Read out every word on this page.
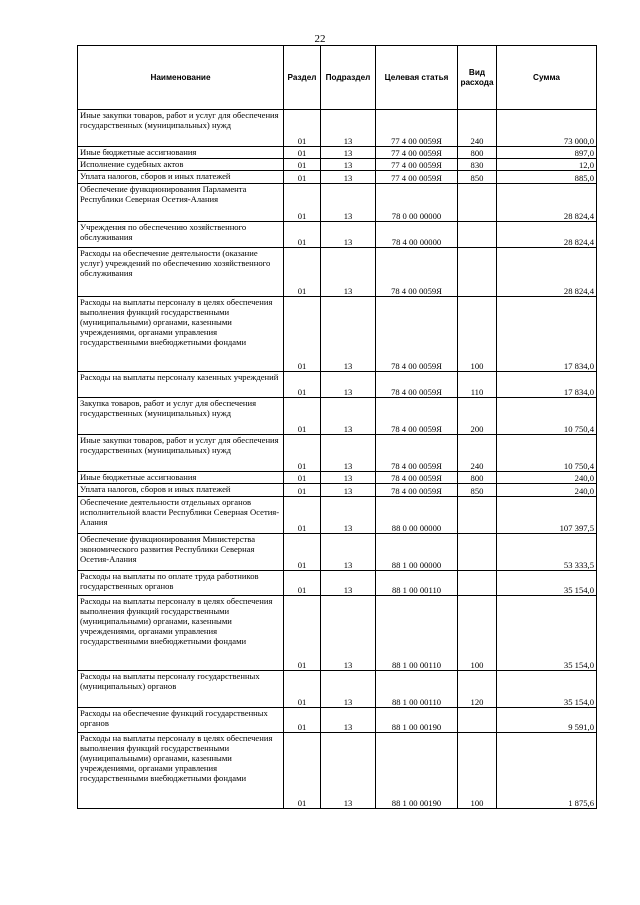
22
Наименование	Раздел	Подраздел	Целевая статья	Вид расхода	Сумма
Иные закупки товаров, работ и услуг для обеспечения государственных (муниципальных) нужд	01	13	77 4 00 0059Я	240	73 000,0
Иные бюджетные ассигнования	01	13	77 4 00 0059Я	800	897,0
Исполнение судебных актов	01	13	77 4 00 0059Я	830	12,0
Уплата налогов, сборов и иных платежей	01	13	77 4 00 0059Я	850	885,0
Обеспечение функционирования Парламента Республики Северная Осетия-Алания	01	13	78 0 00 00000		28 824,4
Учреждения по обеспечению хозяйственного обслуживания	01	13	78 4 00 00000		28 824,4
Расходы на обеспечение деятельности (оказание услуг) учреждений по обеспечению хозяйственного обслуживания	01	13	78 4 00 0059Я		28 824,4
Расходы на выплаты персоналу в целях обеспечения выполнения функций государственными (муниципальными) органами, казенными учреждениями, органами управления государственными внебюджетными фондами	01	13	78 4 00 0059Я	100	17 834,0
Расходы на выплаты персоналу казенных учреждений	01	13	78 4 00 0059Я	110	17 834,0
Закупка товаров, работ и услуг для обеспечения государственных (муниципальных) нужд	01	13	78 4 00 0059Я	200	10 750,4
Иные закупки товаров, работ и услуг для обеспечения государственных (муниципальных) нужд	01	13	78 4 00 0059Я	240	10 750,4
Иные бюджетные ассигнования	01	13	78 4 00 0059Я	800	240,0
Уплата налогов, сборов и иных платежей	01	13	78 4 00 0059Я	850	240,0
Обеспечение деятельности отдельных органов исполнительной власти Республики Северная Осетия-Алания	01	13	88 0 00 00000		107 397,5
Обеспечение функционирования Министерства экономического развития Республики Северная Осетия-Алания	01	13	88 1 00 00000		53 333,5
Расходы на выплаты по оплате труда работников государственных органов	01	13	88 1 00 00110		35 154,0
Расходы на выплаты персоналу в целях обеспечения выполнения функций государственными (муниципальными) органами, казенными учреждениями, органами управления государственными внебюджетными фондами	01	13	88 1 00 00110	100	35 154,0
Расходы на выплаты персоналу государственных (муниципальных) органов	01	13	88 1 00 00110	120	35 154,0
Расходы на обеспечение функций государственных органов	01	13	88 1 00 00190		9 591,0
Расходы на выплаты персоналу в целях обеспечения выполнения функций государственными (муниципальными) органами, казенными учреждениями, органами управления государственными внебюджетными фондами	01	13	88 1 00 00190	100	1 875,6
